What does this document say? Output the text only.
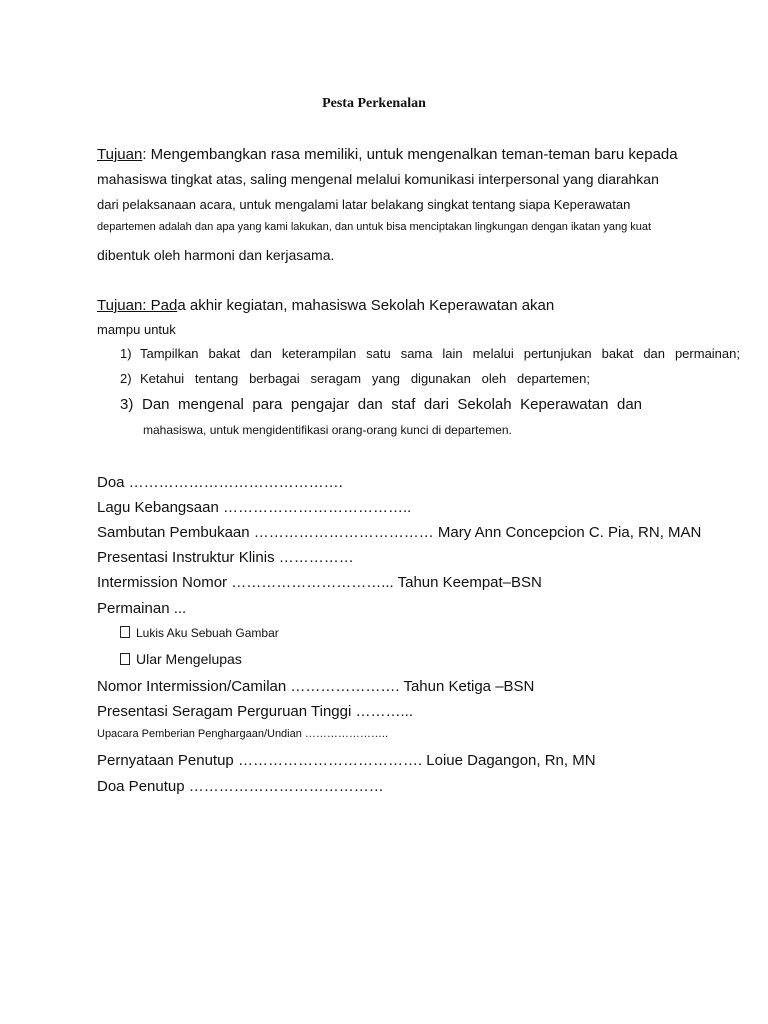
Pesta Perkenalan
Tujuan: Mengembangkan rasa memiliki, untuk mengenalkan teman-teman baru kepada
mahasiswa tingkat atas, saling mengenal melalui komunikasi interpersonal yang diarahkan
dari pelaksanaan acara, untuk mengalami latar belakang singkat tentang siapa Keperawatan
departemen adalah dan apa yang kami lakukan, dan untuk bisa menciptakan lingkungan dengan ikatan yang kuat
dibentuk oleh harmoni dan kerjasama.
Tujuan: Pada akhir kegiatan, mahasiswa Sekolah Keperawatan akan
mampu untuk
1) Tampilkan bakat dan keterampilan satu sama lain melalui pertunjukan bakat dan permainan;
2) Ketahui tentang berbagai seragam yang digunakan oleh departemen;
3) Dan mengenal para pengajar dan staf dari Sekolah Keperawatan dan
mahasiswa, untuk mengidentifikasi orang-orang kunci di departemen.
Doa …………………………………….
Lagu Kebangsaan ………………………………..
Sambutan Pembukaan ……………………………… Mary Ann Concepcion C. Pia, RN, MAN
Presentasi Instruktur Klinis ……………
Intermission Nomor …………………………... Tahun Keempat–BSN
Permainan ...
Lukis Aku Sebuah Gambar
Ular Mengelupas
Nomor Intermission/Camilan …………………. Tahun Ketiga –BSN
Presentasi Seragam Perguruan Tinggi ………...
Upacara Pemberian Penghargaan/Undian …………………..
Pernyataan Penutup ………………………………. Loiue Dagangon, Rn, MN
Doa Penutup …………………………………
